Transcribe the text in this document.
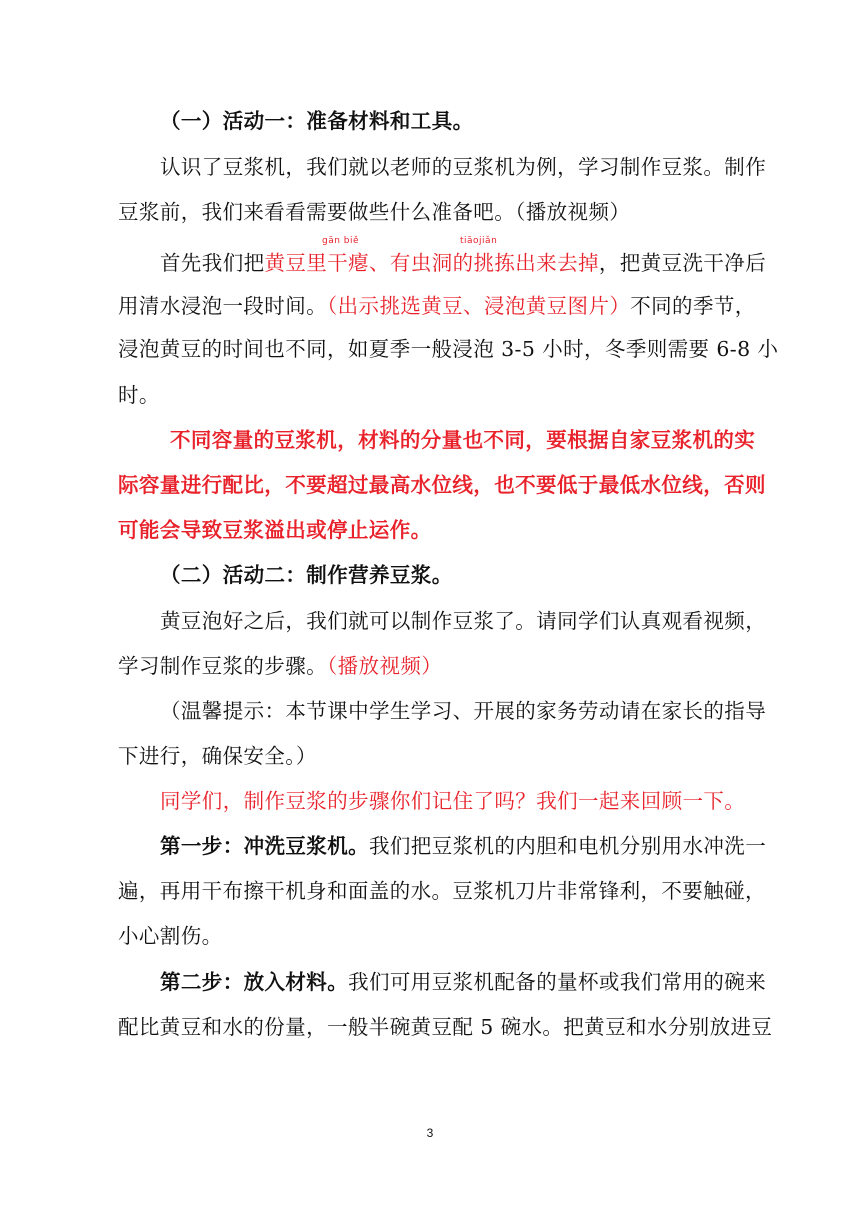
（一）活动一：准备材料和工具。
认识了豆浆机，我们就以老师的豆浆机为例，学习制作豆浆。制作
豆浆前，我们来看看需要做些什么准备吧。（播放视频）
gān biě	tiāojiǎn
首先我们把黄豆里干瘪、有虫洞的挑拣出来去掉，把黄豆洗干净后
用清水浸泡一段时间。（出示挑选黄豆、浸泡黄豆图片）不同的季节，
浸泡黄豆的时间也不同，如夏季一般浸泡 3-5 小时，冬季则需要 6-8 小
时。
不同容量的豆浆机，材料的分量也不同，要根据自家豆浆机的实
际容量进行配比，不要超过最高水位线，也不要低于最低水位线，否则
可能会导致豆浆溢出或停止运作。
（二）活动二：制作营养豆浆。
黄豆泡好之后，我们就可以制作豆浆了。请同学们认真观看视频，
学习制作豆浆的步骤。（播放视频）
（温馨提示：本节课中学生学习、开展的家务劳动请在家长的指导
下进行，确保安全。）
同学们，制作豆浆的步骤你们记住了吗？我们一起来回顾一下。
第一步：冲洗豆浆机。我们把豆浆机的内胆和电机分别用水冲洗一
遍，再用干布擦干机身和面盖的水。豆浆机刀片非常锋利，不要触碰，
小心割伤。
第二步：放入材料。我们可用豆浆机配备的量杯或我们常用的碗来
配比黄豆和水的份量，一般半碗黄豆配 5 碗水。把黄豆和水分别放进豆
3
